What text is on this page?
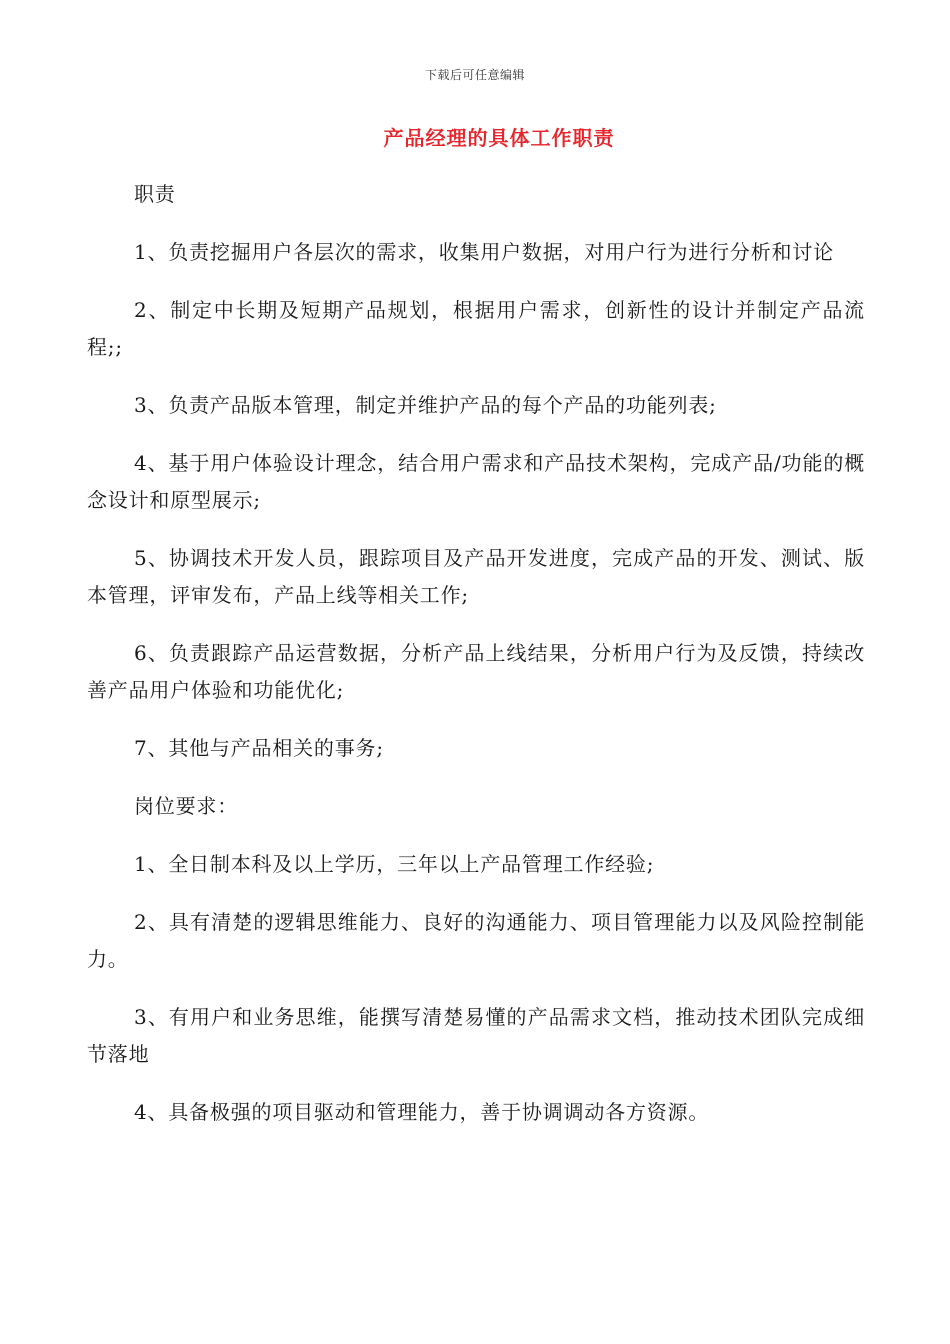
下载后可任意编辑
产品经理的具体工作职责

职责

1、负责挖掘用户各层次的需求，收集用户数据，对用户行为进行分析和讨论

2、制定中长期及短期产品规划，根据用户需求，创新性的设计并制定产品流程;;

3、负责产品版本管理，制定并维护产品的每个产品的功能列表;

4、基于用户体验设计理念，结合用户需求和产品技术架构，完成产品/功能的概念设计和原型展示;

5、协调技术开发人员，跟踪项目及产品开发进度，完成产品的开发、测试、版本管理，评审发布，产品上线等相关工作;

6、负责跟踪产品运营数据，分析产品上线结果，分析用户行为及反馈，持续改善产品用户体验和功能优化;

7、其他与产品相关的事务;

岗位要求：

1、全日制本科及以上学历，三年以上产品管理工作经验;

2、具有清楚的逻辑思维能力、良好的沟通能力、项目管理能力以及风险控制能力。

3、有用户和业务思维，能撰写清楚易懂的产品需求文档，推动技术团队完成细节落地

4、具备极强的项目驱动和管理能力，善于协调调动各方资源。
